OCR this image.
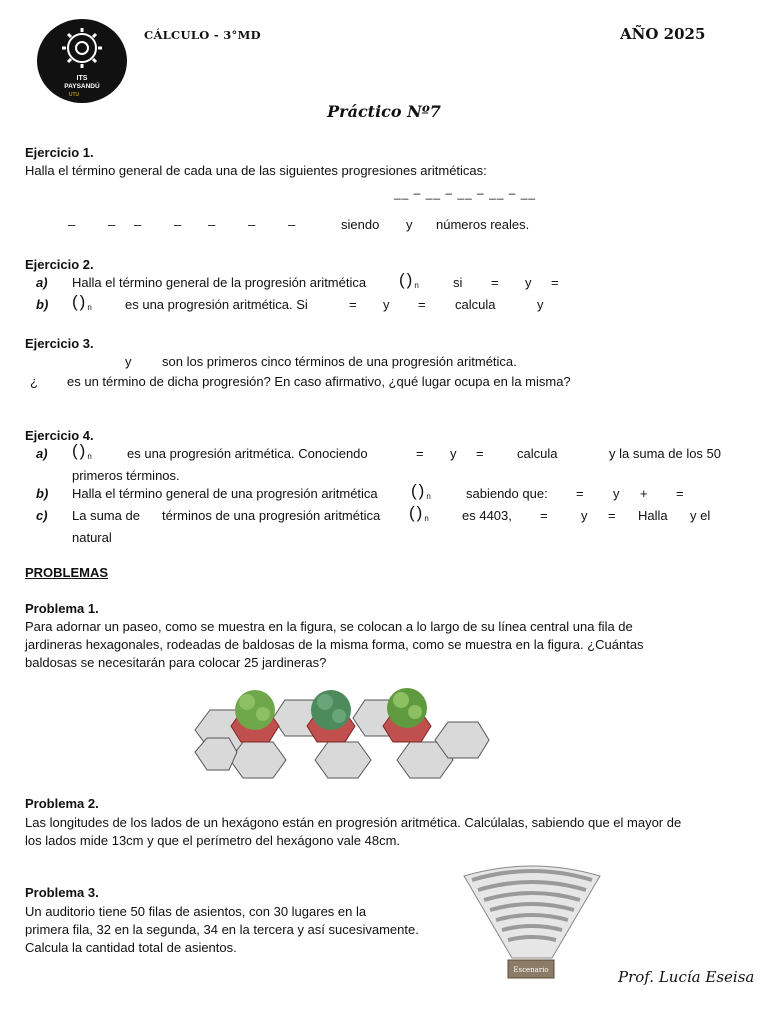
ITS
PAYSANDÚ
UTU
CÁLCULO - 3°MD	AÑO 2025
Práctico Nº7
Ejercicio 1.
Halla el término general de cada una de las siguientes progresiones aritméticas:
__ – __ – __ – __ – __
–	– –	– –	–	–	siendo y números reales.
Ejercicio 2.
a) Halla el término general de la progresión aritmética $()_n$ si = y =
b) $()_n$ es una progresión aritmética. Si	= y = calcula	y
Ejercicio 3.
y son los primeros cinco términos de una progresión aritmética.
¿ es un término de dicha progresión? En caso afirmativo, ¿qué lugar ocupa en la misma?
Ejercicio 4.
a) $()_n$	es una progresión aritmética. Conociendo	= y =	calcula	y la suma de los 50
primeros términos.
b) Halla el término general de una progresión aritmética $()_n$	sabiendo que: = y + =
c) La suma de términos de una progresión aritmética $()_n$ es 4403, =	y = Halla y el
natural
PROBLEMAS
Problema 1.
Para adornar un paseo, como se muestra en la figura, se colocan a lo largo de su línea central una fila de
jardineras hexagonales, rodeadas de baldosas de la misma forma, como se muestra en la figura. ¿Cuántas
baldosas se necesitarán para colocar 25 jardineras?
Problema 2.
Las longitudes de los lados de un hexágono están en progresión aritmética. Calcúlalas, sabiendo que el mayor de
los lados mide 13cm y que el perímetro del hexágono vale 48cm.
Problema 3.
Un auditorio tiene 50 filas de asientos, con 30 lugares en la
primera fila, 32 en la segunda, 34 en la tercera y así sucesivamente.
Calcula la cantidad total de asientos.
Escenario	Prof. Lucía Eseisa
